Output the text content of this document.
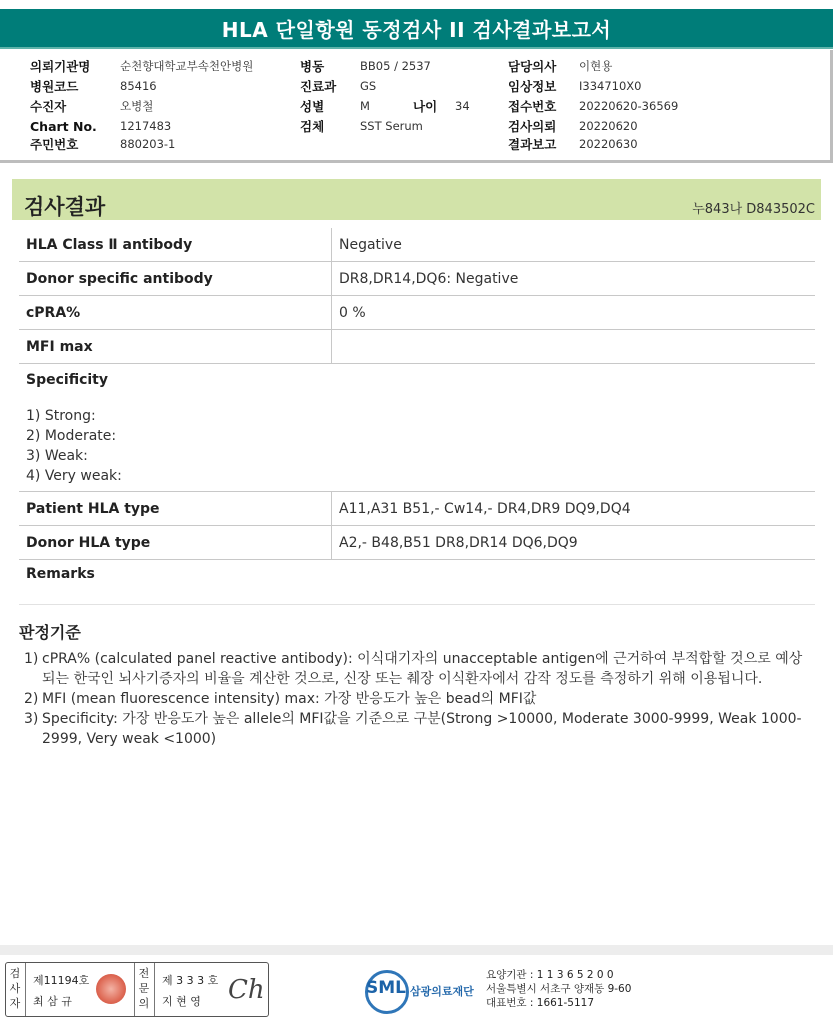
HLA 단일항원 동정검사 II 검사결과보고서
의뢰기관명	순천향대학교부속천안병원
병원코드	85416
수진자	오병철
Chart No.	1217483
주민번호	880203-1
병동	BB05 / 2537
진료과	GS
성별	M	나이	34
검체	SST Serum
담당의사	이현용
임상정보	I334710X0
접수번호	20220620-36569
검사의뢰	20220620
결과보고	20220630
검사결과	누843나 D843502C
HLA Class Ⅱ antibody	Negative
Donor specific antibody	DR8,DR14,DQ6: Negative
cPRA%	0 %
MFI max
Specificity
1) Strong:
2) Moderate:
3) Weak:
4) Very weak:
Patient HLA type	A11,A31 B51,- Cw14,- DR4,DR9 DQ9,DQ4
Donor HLA type	A2,- B48,B51 DR8,DR14 DQ6,DQ9
Remarks
판정기준
1) cPRA% (calculated panel reactive antibody): 이식대기자의 unacceptable antigen에 근거하여 부적합할 것으로 예상되는 한국인 뇌사기증자의 비율을 계산한 것으로, 신장 또는 췌장 이식환자에서 감작 정도를 측정하기 위해 이용됩니다.
2) MFI (mean fluorescence intensity) max: 가장 반응도가 높은 bead의 MFI값
3) Specificity: 가장 반응도가 높은 allele의 MFI값을 기준으로 구분(Strong >10000, Moderate 3000-9999, Weak 1000-2999, Very weak <1000)
검
사
자
제11194호
최 삼 규
전
문
의
제 3 3 3 호
지 현 영 Ch	SML 삼광의료재단
요양기관 : 1 1 3 6 5 2 0 0
서울특별시 서초구 양재동 9-60
대표번호 : 1661-5117
